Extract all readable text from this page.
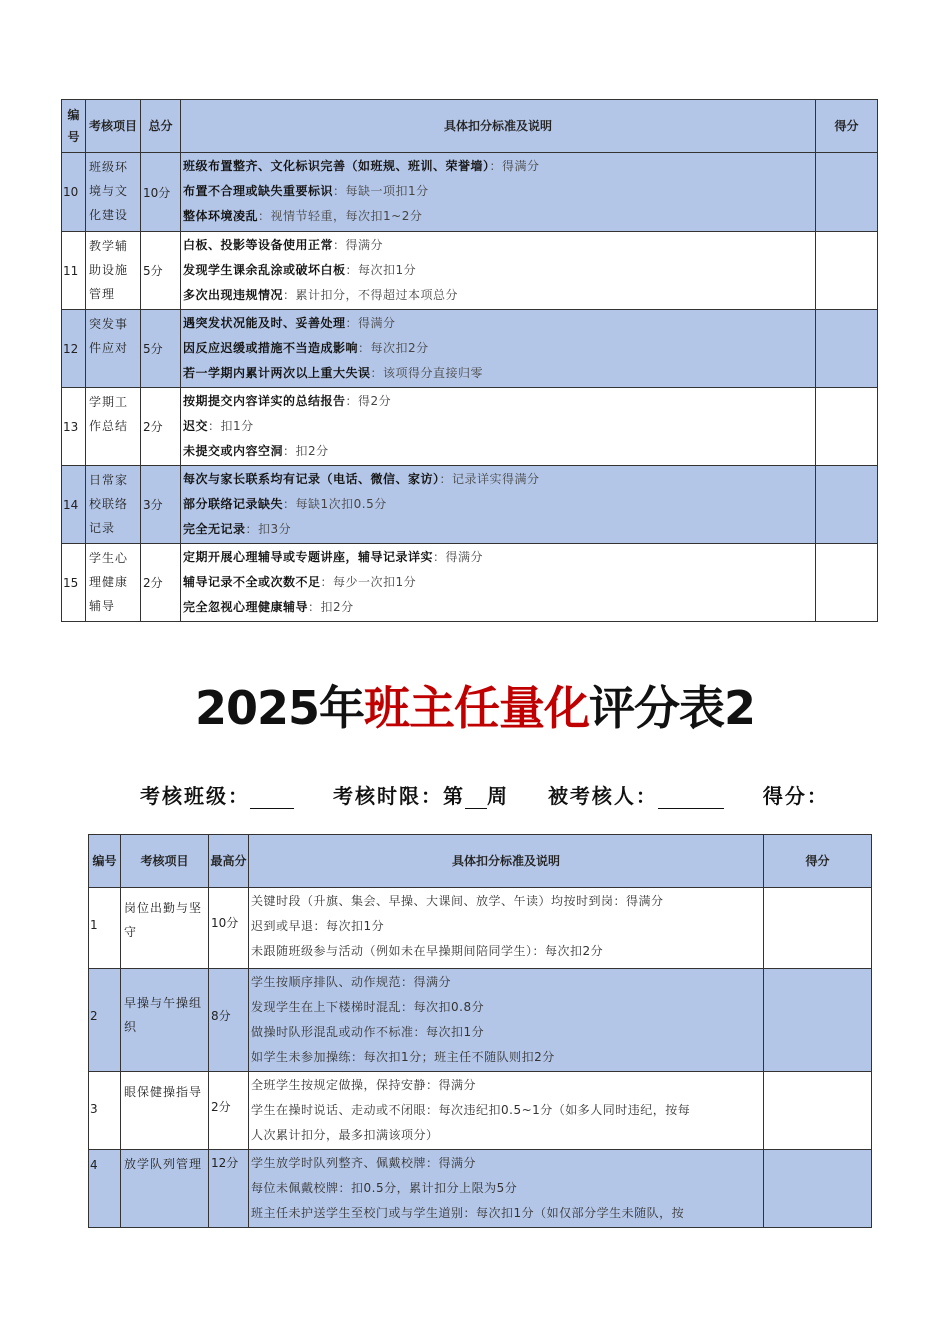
编号	考核项目	总分	具体扣分标准及说明	得分
10	班级环境与文化建设	10分	班级布置整齐、文化标识完善（如班规、班训、荣誉墙）：得满分
布置不合理或缺失重要标识：每缺一项扣1分
整体环境凌乱：视情节轻重，每次扣1~2分	

11	教学辅助设施管理	5分	白板、投影等设备使用正常：得满分
发现学生课余乱涂或破坏白板：每次扣1分
多次出现违规情况：累计扣分，不得超过本项总分	

12	突发事件应对	5分	遇突发状况能及时、妥善处理：得满分
因反应迟缓或措施不当造成影响：每次扣2分
若一学期内累计两次以上重大失误：该项得分直接归零	

13	学期工作总结	2分	按期提交内容详实的总结报告：得2分
迟交：扣1分
未提交或内容空洞：扣2分	

14	日常家校联络记录	3分	每次与家长联系均有记录（电话、微信、家访）：记录详实得满分
部分联络记录缺失：每缺1次扣0.5分
完全无记录：扣3分	

15	学生心理健康辅导	2分	定期开展心理辅导或专题讲座，辅导记录详实：得满分
辅导记录不全或次数不足：每少一次扣1分
完全忽视心理健康辅导：扣2分	

2025年班主任量化评分表2
考核班级：	考核时限：第 周 被考核人：	得分：
编号	考核项目	最高分	具体扣分标准及说明	得分
1	岗位出勤与坚守	10分	关键时段（升旗、集会、早操、大课间、放学、午读）均按时到岗：得满分
迟到或早退：每次扣1分
未跟随班级参与活动（例如未在早操期间陪同学生）：每次扣2分	

2	早操与午操组织	8分	学生按顺序排队、动作规范：得满分
发现学生在上下楼梯时混乱：每次扣0.8分
做操时队形混乱或动作不标准：每次扣1分
如学生未参加操练：每次扣1分；班主任不随队则扣2分	

3	眼保健操指导	2分	全班学生按规定做操，保持安静：得满分
学生在操时说话、走动或不闭眼：每次违纪扣0.5~1分（如多人同时违纪，按每
人次累计扣分，最多扣满该项分）	

4	放学队列管理	12分	学生放学时队列整齐、佩戴校牌：得满分
每位未佩戴校牌：扣0.5分，累计扣分上限为5分
班主任未护送学生至校门或与学生道别：每次扣1分（如仅部分学生未随队，按	
